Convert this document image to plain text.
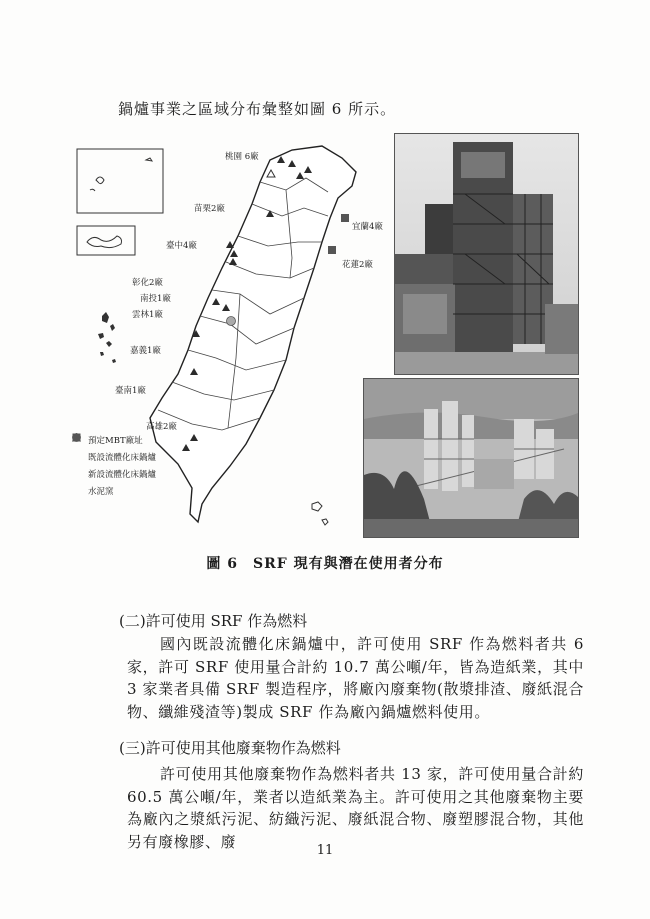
鍋爐事業之區域分布彙整如圖 6 所示。
桃園 6廠
苗栗2廠
臺中4廠
彰化2廠
南投1廠
雲林1廠
嘉義1廠
臺南1廠
高雄2廠
宜蘭4廠
花蓮2廠
預定MBT廠址
既設流體化床鍋爐
新設流體化床鍋爐
水泥窯
圖 6　SRF 現有與潛在使用者分布
(二)許可使用 SRF 作為燃料
國內既設流體化床鍋爐中，許可使用 SRF 作為燃料者共 6 家，許可 SRF 使用量合計約 10.7 萬公噸/年，皆為造紙業，其中 3 家業者具備 SRF 製造程序，將廠內廢棄物(散漿排渣、廢紙混合物、纖維殘渣等)製成 SRF 作為廠內鍋爐燃料使用。
(三)許可使用其他廢棄物作為燃料
許可使用其他廢棄物作為燃料者共 13 家，許可使用量合計約 60.5 萬公噸/年，業者以造紙業為主。許可使用之其他廢棄物主要為廠內之漿紙污泥、紡織污泥、廢紙混合物、廢塑膠混合物，其他另有廢橡膠、廢	11
